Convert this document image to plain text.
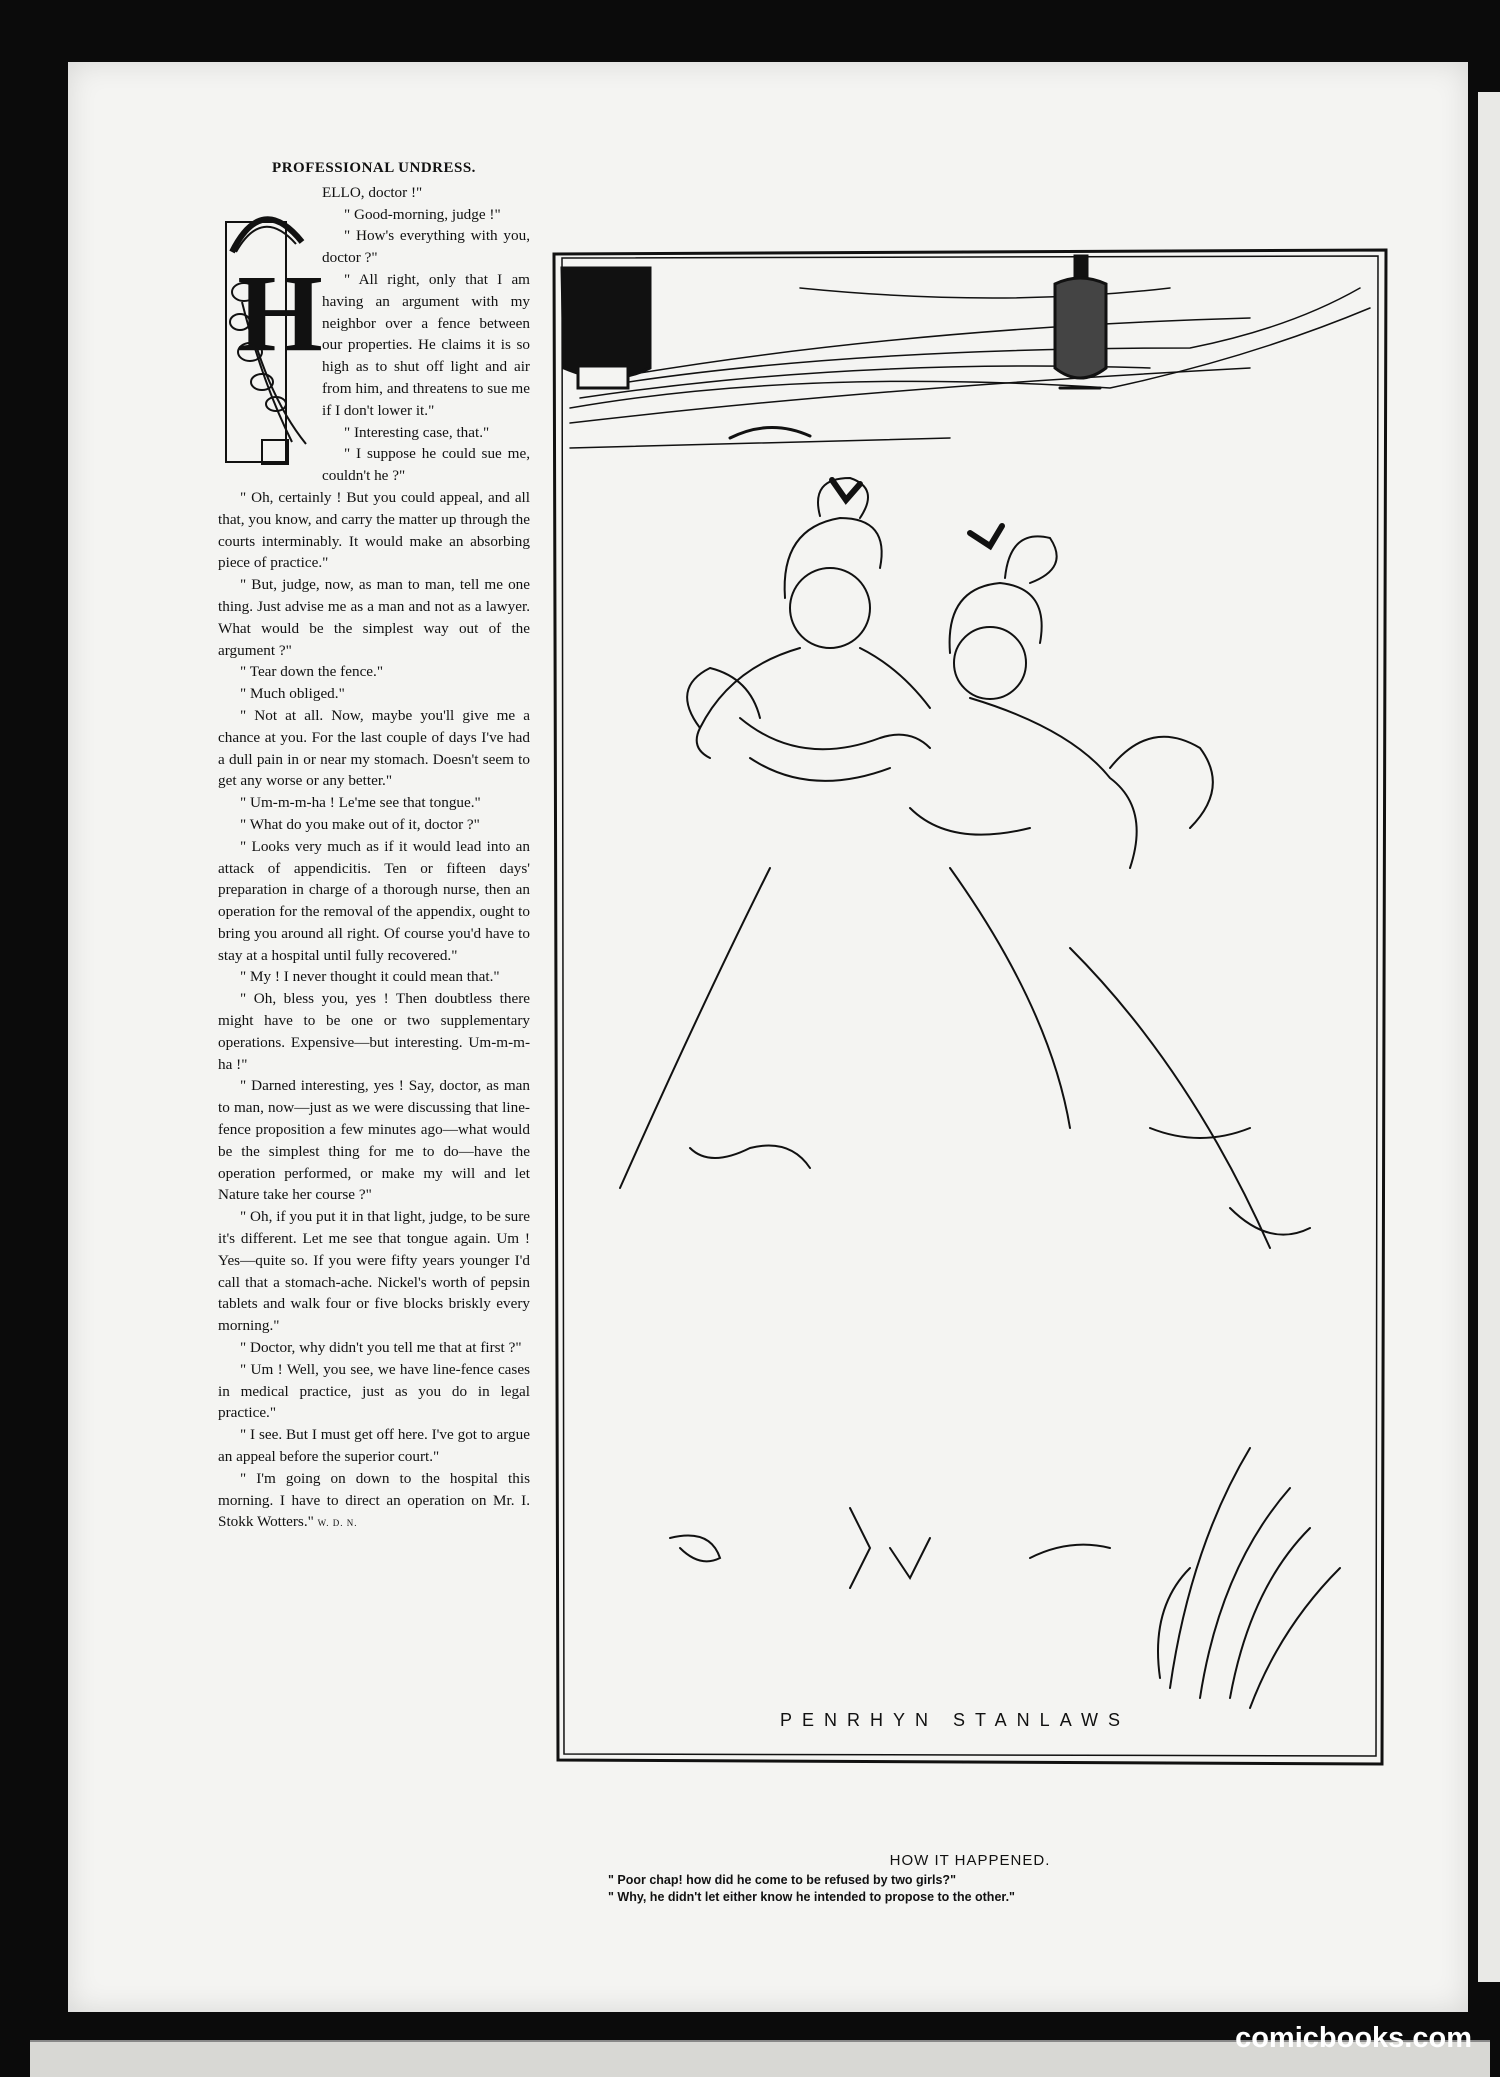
PROFESSIONAL UNDRESS.
H

ELLO, doctor !"

" Good-morning, judge !"

" How's everything with you, doctor ?"

" All right, only that I am having an argument with my neighbor over a fence between our properties. He claims it is so high as to shut off light and air from him, and threatens to sue me if I don't lower it."

" Interesting case, that."

" I suppose he could sue me, couldn't he ?"

" Oh, certainly ! But you could appeal, and all that, you know, and carry the matter up through the courts interminably. It would make an absorbing piece of practice."

" But, judge, now, as man to man, tell me one thing. Just advise me as a man and not as a lawyer. What would be the simplest way out of the argument ?"

" Tear down the fence."

" Much obliged."

" Not at all. Now, maybe you'll give me a chance at you. For the last couple of days I've had a dull pain in or near my stomach. Doesn't seem to get any worse or any better."

" Um-m-m-ha ! Le'me see that tongue."

" What do you make out of it, doctor ?"

" Looks very much as if it would lead into an attack of appendicitis. Ten or fifteen days' preparation in charge of a thorough nurse, then an operation for the removal of the appendix, ought to bring you around all right. Of course you'd have to stay at a hospital until fully recovered."

" My ! I never thought it could mean that."

" Oh, bless you, yes ! Then doubtless there might have to be one or two supplementary operations. Expensive—but interesting. Um-m-m-ha !"

" Darned interesting, yes ! Say, doctor, as man to man, now—just as we were discussing that line-fence proposition a few minutes ago—what would be the simplest thing for me to do—have the operation performed, or make my will and let Nature take her course ?"

" Oh, if you put it in that light, judge, to be sure it's different. Let me see that tongue again. Um ! Yes—quite so. If you were fifty years younger I'd call that a stomach-ache. Nickel's worth of pepsin tablets and walk four or five blocks briskly every morning."

" Doctor, why didn't you tell me that at first ?"

" Um ! Well, you see, we have line-fence cases in medical practice, just as you do in legal practice."

" I see. But I must get off here. I've got to argue an appeal before the superior court."

" I'm going on down to the hospital this morning. I have to direct an operation on Mr. I. Stokk Wotters." W. D. N.

PENRHYN STANLAWS
HOW IT HAPPENED.
" Poor chap! how did he come to be refused by two girls?"
" Why, he didn't let either know he intended to propose to the other."
comicbooks.com
